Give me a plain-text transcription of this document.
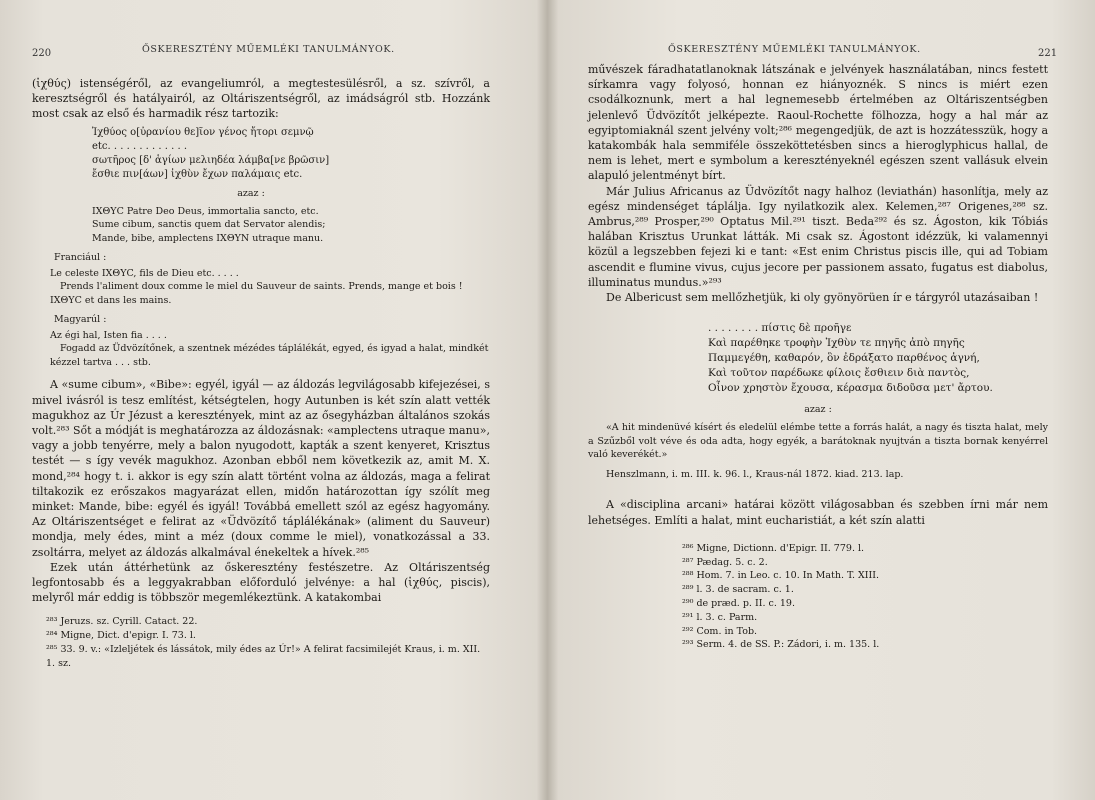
220	ŐSKERESZTÉNY MŰEMLÉKI TANULMÁNYOK.

(ἰχθύς) istenségéről, az evangeliumról, a megtestesülésről, a sz. szívről, a keresztségről és hatályairól, az Oltáriszentségről, az imádságról stb. Hozzánk most csak az első és harmadik rész tartozik:

Ἰχθύος ο[ὐρανίου θε]ῖον γένος ἤτορι σεμνῷ
etc. . . . . . . . . . . . .
σωτῆρος [δ' ἁγίων μελιηδέα λάμβα[νε βρῶσιν]
ἔσθιε πιν[άων] ἰχθὺν ἔχων παλάμαις etc.
azaz :
ΙΧΘΥC Patre Deo Deus, immortalia sancto, etc.
Sume cibum, sanctis quem dat Servator alendis;
Mande, bibe, amplectens ΙΧΘΥΝ utraque manu.
Franciául :
Le celeste ΙΧΘΥC, fils de Dieu etc. . . . .
Prends l'aliment doux comme le miel du Sauveur de saints. Prends, mange et bois ! ΙΧΘΥC et dans les mains.
Magyarúl :
Az égi hal, Isten fia . . . .
Fogadd az Üdvözítőnek, a szentnek mézédes táplálékát, egyed, és igyad a halat, mindkét kézzel tartva . . . stb.

A «sume cibum», «Bibe»: egyél, igyál — az áldozás legvilágosabb kifejezései, s mivel ivásról is tesz említést, kétségtelen, hogy Autunben is két szín alatt vették magukhoz az Úr Jézust a keresztények, mint az az ősegyházban általános szokás volt.²⁸³ Sőt a módját is meghatározza az áldozásnak: «amplectens utraque manu», vagy a jobb tenyérre, mely a balon nyugodott, kapták a szent kenyeret, Krisztus testét — s így vevék magukhoz. Azonban ebből nem következik az, amit M. X. mond,²⁸⁴ hogy t. i. akkor is egy szín alatt történt volna az áldozás, maga a felirat tiltakozik ez erőszakos magyarázat ellen, midőn határozottan így szólít meg minket: Mande, bibe: egyél és igyál! Továbbá emellett szól az egész hagyomány. Az Oltáriszentséget e felirat az «Üdvözítő táplálékának» (aliment du Sauveur) mondja, mely édes, mint a méz (doux comme le miel), vonatkozással a 33. zsoltárra, melyet az áldozás alkalmával énekeltek a hívek.²⁸⁵

Ezek után áttérhetünk az őskeresztény festészetre. Az Oltáriszentség legfontosabb és a leggyakrabban előforduló jelvénye: a hal (ἰχθύς, piscis), melyről már eddig is többször megemlékeztünk. A katakombai

²⁸³ Jeruzs. sz. Cyrill. Catact. 22.
²⁸⁴ Migne, Dict. d'epigr. I. 73. l.
²⁸⁵ 33. 9. v.: «Izleljétek és lássátok, mily édes az Úr!» A felirat facsimilejét Kraus, i. m. XII. 1. sz.
ŐSKERESZTÉNY MŰEMLÉKI TANULMÁNYOK.	221

művészek fáradhatatlanoknak látszának e jelvények használatában, nincs festett sírkamra vagy folyosó, honnan ez hiányoznék. S nincs is miért ezen csodálkoznunk, mert a hal legnemesebb értelmében az Oltáriszentségben jelenlevő Üdvözítőt jelképezte. Raoul-Rochette fölhozza, hogy a hal már az egyiptomiaknál szent jelvény volt;²⁸⁶ megengedjük, de azt is hozzátesszük, hogy a katakombák hala semmiféle összeköttetésben sincs a hieroglyphicus hallal, de nem is lehet, mert e symbolum a keresztényeknél egészen szent vallásuk elvein alapuló jelentményt bírt.

Már Julius Africanus az Üdvözítőt nagy halhoz (leviathán) hasonlítja, mely az egész mindenséget táplálja. Igy nyilatkozik alex. Kelemen,²⁸⁷ Origenes,²⁸⁸ sz. Ambrus,²⁸⁹ Prosper,²⁹⁰ Optatus Mil.²⁹¹ tiszt. Beda²⁹² és sz. Ágoston, kik Tóbiás halában Krisztus Urunkat látták. Mi csak sz. Ágostont idézzük, ki valamennyi közül a legszebben fejezi ki e tant: «Est enim Christus piscis ille, qui ad Tobiam ascendit e flumine vivus, cujus jecore per passionem assato, fugatus est diabolus, illuminatus mundus.»²⁹³

De Albericust sem mellőzhetjük, ki oly gyönyörüen ír e tárgyról utazásaiban !

. . . . . . . . πίστις δὲ προῆγε
Καὶ παρέθηκε τροφὴν Ἰχθὺν τε πηγῆς ἀπὸ πηγῆς
Παμμεγέθη, καθαρόν, ὃν ἐδράξατο παρθένος ἁγνή,
Καὶ τοῦτον παρέδωκε φίλοις ἔσθιειν διὰ παντὸς,
Οἶνον χρηστὸν ἔχουσα, κέρασμα διδοῦσα μετ' ἄρτου.
azaz :

«A hit mindenüvé kísért és eledelül elémbe tette a forrás halát, a nagy és tiszta halat, mely a Szűzből volt véve és oda adta, hogy egyék, a barátoknak nyujtván a tiszta bornak kenyérrel való keverékét.»

Henszlmann, i. m. III. k. 96. l., Kraus-nál 1872. kiad. 213. lap.

A «disciplina arcani» határai között világosabban és szebben írni már nem lehetséges. Említi a halat, mint eucharistiát, a két szín alatti

²⁸⁶ Migne, Dictionn. d'Epigr. II. 779. l.
²⁸⁷ Pædag. 5. c. 2.
²⁸⁸ Hom. 7. in Leo. c. 10. In Math. T. XIII.
²⁸⁹ l. 3. de sacram. c. 1.
²⁹⁰ de præd. p. II. c. 19.
²⁹¹ l. 3. c. Parm.
²⁹² Com. in Tob.
²⁹³ Serm. 4. de SS. P.: Zádori, i. m. 135. l.
